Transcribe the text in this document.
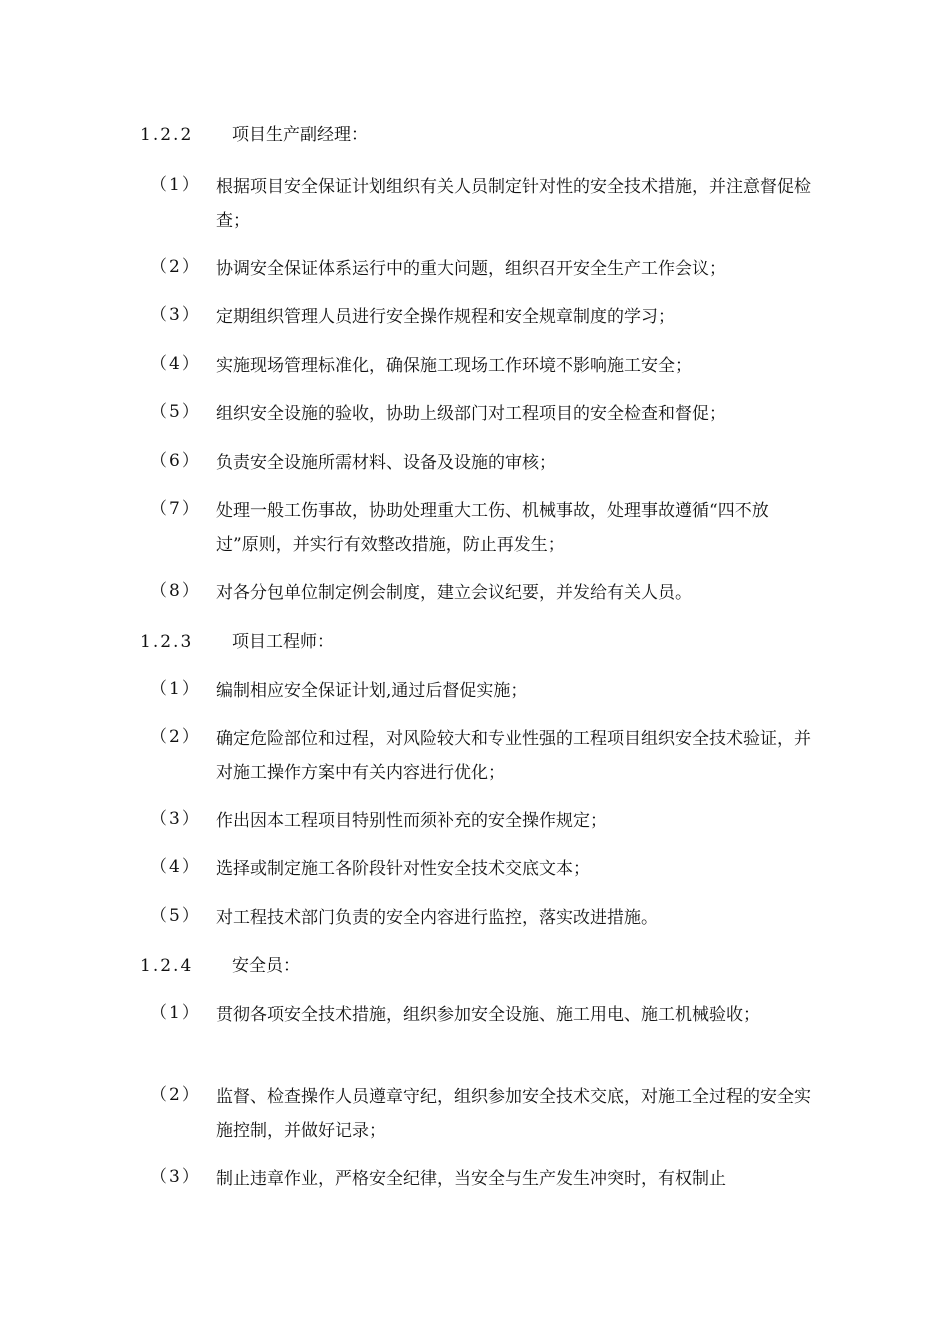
1.2.2 项目生产副经理：
（1） 根据项目安全保证计划组织有关人员制定针对性的安全技术措施，并注意督促检查；
（2） 协调安全保证体系运行中的重大问题，组织召开安全生产工作会议；
（3） 定期组织管理人员进行安全操作规程和安全规章制度的学习；
（4） 实施现场管理标准化，确保施工现场工作环境不影响施工安全；
（5） 组织安全设施的验收，协助上级部门对工程项目的安全检查和督促；
（6） 负责安全设施所需材料、设备及设施的审核；
（7） 处理一般工伤事故，协助处理重大工伤、机械事故，处理事故遵循“四不放过”原则，并实行有效整改措施，防止再发生；
（8） 对各分包单位制定例会制度，建立会议纪要，并发给有关人员。
1.2.3 项目工程师：
（1） 编制相应安全保证计划,通过后督促实施；
（2） 确定危险部位和过程，对风险较大和专业性强的工程项目组织安全技术验证，并对施工操作方案中有关内容进行优化；
（3） 作出因本工程项目特别性而须补充的安全操作规定；
（4） 选择或制定施工各阶段针对性安全技术交底文本；
（5） 对工程技术部门负责的安全内容进行监控，落实改进措施。
1.2.4 安全员：
（1） 贯彻各项安全技术措施，组织参加安全设施、施工用电、施工机械验收；
（2） 监督、检查操作人员遵章守纪，组织参加安全技术交底，对施工全过程的安全实施控制，并做好记录；
（3） 制止违章作业，严格安全纪律，当安全与生产发生冲突时，有权制止
